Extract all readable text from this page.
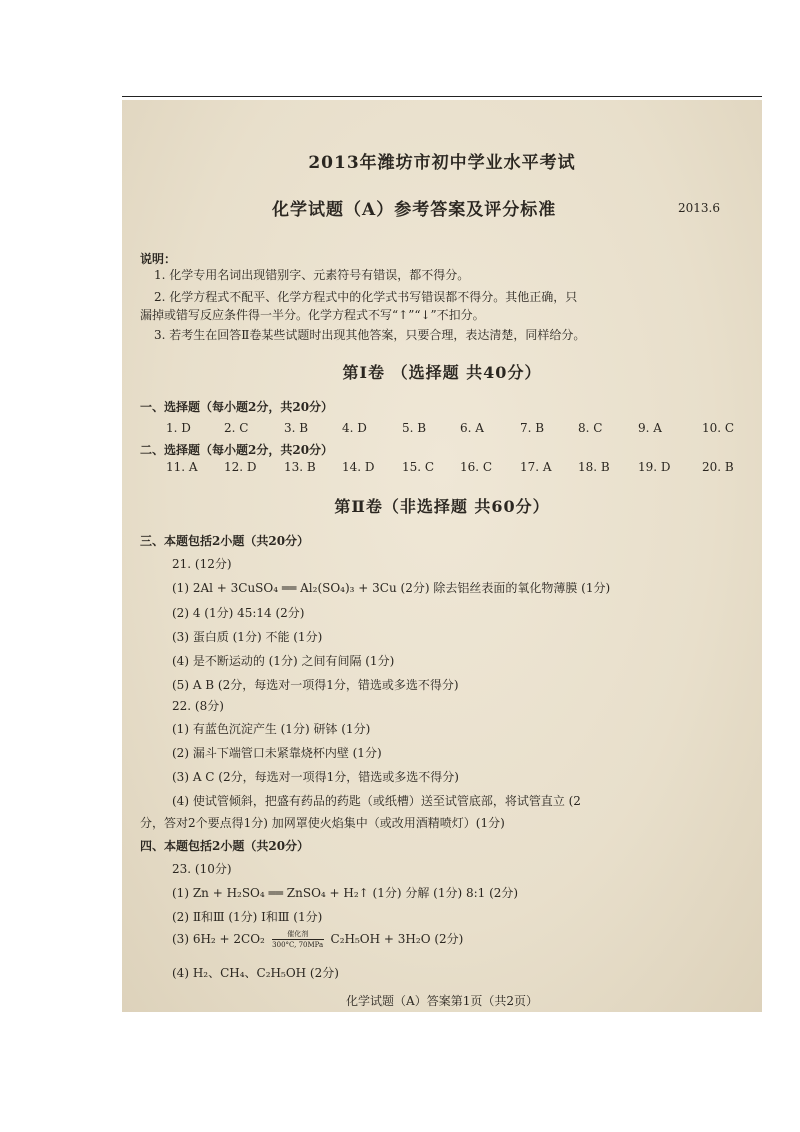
2013年潍坊市初中学业水平考试
化学试题（A）参考答案及评分标准	2013.6
说明：
1. 化学专用名词出现错别字、元素符号有错误，都不得分。
2. 化学方程式不配平、化学方程式中的化学式书写错误都不得分。其他正确，只
漏掉或错写反应条件得一半分。化学方程式不写“↑”“↓”不扣分。
3. 若考生在回答Ⅱ卷某些试题时出现其他答案，只要合理，表达清楚，同样给分。
第Ⅰ卷 （选择题 共40分）
一、选择题（每小题2分，共20分）
1. D	2. C	3. B	4. D	5. B	6. A	7. B	8. C	9. A	10. C
二、选择题（每小题2分，共20分）
11. A 12. D 13. B 14. D 15. C 16. C 17. A 18. B 19. D	20. B
第Ⅱ卷（非选择题 共60分）
三、本题包括2小题（共20分）
21. (12分)
(1) 2Al + 3CuSO₄ ══ Al₂(SO₄)₃ + 3Cu (2分) 除去铝丝表面的氧化物薄膜 (1分)
(2) 4 (1分) 45:14 (2分)
(3) 蛋白质 (1分) 不能 (1分)
(4) 是不断运动的 (1分) 之间有间隔 (1分)
(5) A B (2分，每选对一项得1分，错选或多选不得分)
22. (8分)
(1) 有蓝色沉淀产生 (1分) 研钵 (1分)
(2) 漏斗下端管口未紧靠烧杯内壁 (1分)
(3) A C (2分，每选对一项得1分，错选或多选不得分)
(4) 使试管倾斜，把盛有药品的药匙（或纸槽）送至试管底部，将试管直立 (2
分，答对2个要点得1分) 加网罩使火焰集中（或改用酒精喷灯）(1分)
四、本题包括2小题（共20分）
23. (10分)
(1) Zn + H₂SO₄ ══ ZnSO₄ + H₂↑ (1分) 分解 (1分) 8:1 (2分)
(2) Ⅱ和Ⅲ (1分) Ⅰ和Ⅲ (1分)
(3) $6H_2 + 2CO_2 \frac{\text{催化剂}}{\text{300°C, 70MPa}} C_2H_5OH + 3H_2O$ (2分)
(4) H₂、CH₄、C₂H₅OH (2分)
化学试题（A）答案第1页（共2页）
